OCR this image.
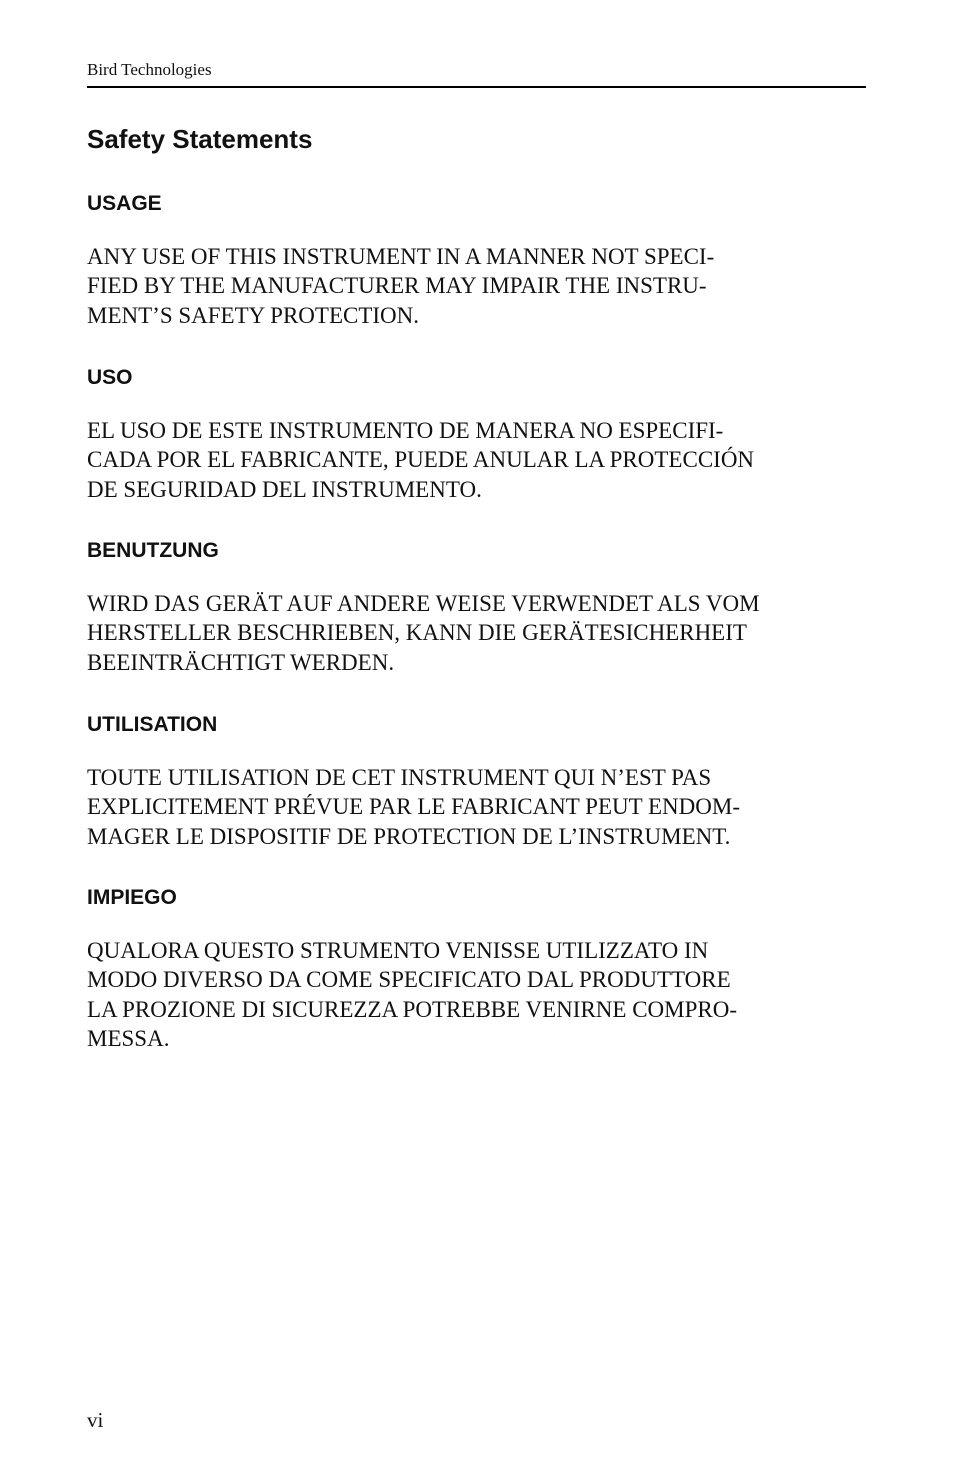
Bird Technologies
Safety Statements
USAGE

ANY USE OF THIS INSTRUMENT IN A MANNER NOT SPECI-
FIED BY THE MANUFACTURER MAY IMPAIR THE INSTRU-
MENT’S SAFETY PROTECTION.

USO

EL USO DE ESTE INSTRUMENTO DE MANERA NO ESPECIFI-
CADA POR EL FABRICANTE, PUEDE ANULAR LA PROTECCIÓN
DE SEGURIDAD DEL INSTRUMENTO.

BENUTZUNG

WIRD DAS GERÄT AUF ANDERE WEISE VERWENDET ALS VOM
HERSTELLER BESCHRIEBEN, KANN DIE GERÄTESICHERHEIT
BEEINTRÄCHTIGT WERDEN.

UTILISATION

TOUTE UTILISATION DE CET INSTRUMENT QUI N’EST PAS
EXPLICITEMENT PRÉVUE PAR LE FABRICANT PEUT ENDOM-
MAGER LE DISPOSITIF DE PROTECTION DE L’INSTRUMENT.

IMPIEGO

QUALORA QUESTO STRUMENTO VENISSE UTILIZZATO IN
MODO DIVERSO DA COME SPECIFICATO DAL PRODUTTORE
LA PROZIONE DI SICUREZZA POTREBBE VENIRNE COMPRO-
MESSA.

vi
